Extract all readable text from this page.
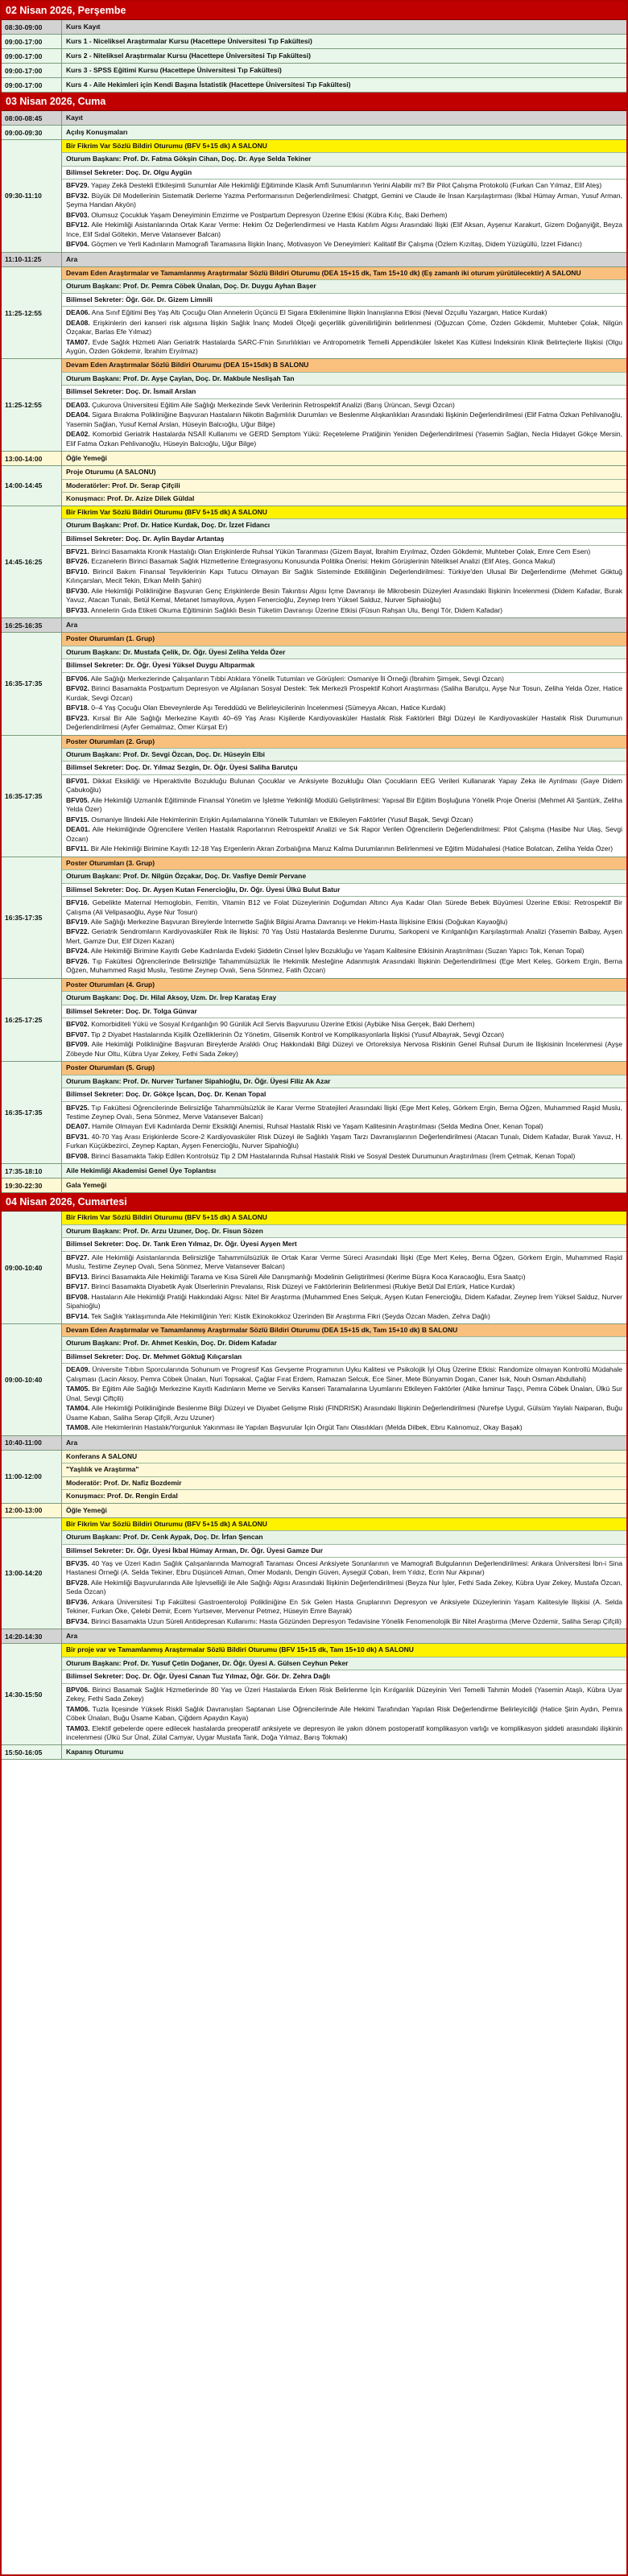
02 Nisan 2026, Perşembe
08:30-09:00	Kurs Kayıt
09:00-17:00	Kurs 1 - Niceliksel Araştırmalar Kursu (Hacettepe Üniversitesi Tıp Fakültesi)
09:00-17:00	Kurs 2 - Niteliksel Araştırmalar Kursu (Hacettepe Üniversitesi Tıp Fakültesi)
09:00-17:00	Kurs 3 - SPSS Eğitimi Kursu (Hacettepe Üniversitesi Tıp Fakültesi)
09:00-17:00	Kurs 4 - Aile Hekimleri için Kendi Başına İstatistik (Hacettepe Üniversitesi Tıp Fakültesi)
03 Nisan 2026, Cuma
08:00-08:45	Kayıt
09:00-09:30	Açılış Konuşmaları
09:30-11:10
Bir Fikrim Var Sözlü Bildiri Oturumu (BFV 5+15 dk) A SALONU
Oturum Başkanı: Prof. Dr. Fatma Gökşin Cihan, Doç. Dr. Ayşe Selda Tekiner
Bilimsel Sekreter: Doç. Dr. Olgu Aygün
BFV29. Yapay Zekâ Destekli Etkileşimli Sunumlar Aile Hekimliği Eğitiminde Klasik Amfi Sunumlarının Yerini Alabilir mi? Bir Pilot Çalışma Protokolü (Furkan Can Yılmaz, Elif Ateş)
BFV32. Büyük Dil Modellerinin Sistematik Derleme Yazma Performansının Değerlendirilmesi: Chatgpt, Gemini ve Claude ile İnsan Karşılaştırması (İkbal Hümay Arman, Yusuf Arman, Şeyma Handan Akyön)
BFV03. Olumsuz Çocukluk Yaşam Deneyiminin Emzirme ve Postpartum Depresyon Üzerine Etkisi (Kübra Kılıç, Baki Derhem)
BFV12. Aile Hekimliği Asistanlarında Ortak Karar Verme: Hekim Öz Değerlendirmesi ve Hasta Katılım Algısı Arasındaki İlişki (Elif Aksan, Ayşenur Karakurt, Gizem Doğanyiğit, Beyza Ince, Elif Sıdal Göltekin, Merve Vatansever Balcan)
BFV04. Göçmen ve Yerli Kadınların Mamografi Taramasına İlişkin İnanç, Motivasyon Ve Deneyimleri: Kalitatif Bir Çalışma (Özlem Kızıltaş, Didem Yüzügüllü, İzzet Fidancı)
11:10-11:25	Ara
11:25-12:55
Devam Eden Araştırmalar ve Tamamlanmış Araştırmalar Sözlü Bildiri Oturumu (DEA 15+15 dk, Tam 15+10 dk) (Eş zamanlı iki oturum yürütülecektir) A SALONU
Oturum Başkanı: Prof. Dr. Pemra Cöbek Ünalan, Doç. Dr. Duygu Ayhan Başer
Bilimsel Sekreter: Öğr. Gör. Dr. Gizem Limnili
DEA06. Ana Sınıf Eğitimi Beş Yaş Altı Çocuğu Olan Annelerin Üçüncü El Sigara Etkilenimine İlişkin İnanışlarına Etkisi (Neval Özçullu Yazargan, Hatice Kurdak)
DEA08. Erişkinlerin deri kanseri risk algısına İlişkin Sağlık İnanç Modeli Ölçeği geçerlilik güvenilirliğinin belirlenmesi (Oğuzcan Çöme, Özden Gökdemir, Muhteber Çolak, Nilgün Özçakar, Barlas Efe Yılmaz)
TAM07. Evde Sağlık Hizmeti Alan Geriatrik Hastalarda SARC-F'nin Sınırlılıkları ve Antropometrik Temelli Appendiküler İskelet Kas Kütlesi İndeksinin Klinik Belirteçlerle İlişkisi (Olgu Aygün, Özden Gökdemir, İbrahim Eryılmaz)
11:25-12:55
Devam Eden Araştırmalar Sözlü Bildiri Oturumu (DEA 15+15dk) B SALONU
Oturum Başkanı: Prof. Dr. Ayşe Çaylan, Doç. Dr. Makbule Neslişah Tan
Bilimsel Sekreter: Doç. Dr. İsmail Arslan
DEA03. Çukurova Üniversitesi Eğitim Aile Sağlığı Merkezinde Sevk Verilerinin Retrospektif Analizi (Barış Ürüncan, Sevgi Özcan)
DEA04. Sigara Bırakma Polikliniğine Başvuran Hastaların Nikotin Bağımlılık Durumları ve Beslenme Alışkanlıkları Arasındaki İlişkinin Değerlendirilmesi (Elif Fatma Özkan Pehlivanoğlu, Yasemin Sağlan, Yusuf Kemal Arslan, Hüseyin Balcıoğlu, Uğur Bilge)
DEA02. Komorbid Geriatrik Hastalarda NSAİİ Kullanımı ve GERD Semptom Yükü: Reçeteleme Pratiğinin Yeniden Değerlendirilmesi (Yasemin Sağlan, Necla Hidayet Gökçe Mersin, Elif Fatma Özkan Pehlivanoğlu, Hüseyin Balcıoğlu, Uğur Bilge)
13:00-14:00	Öğle Yemeği
14:00-14:45
Proje Oturumu (A SALONU)
Moderatörler: Prof. Dr. Serap Çifçili
Konuşmacı: Prof. Dr. Azize Dilek Güldal
14:45-16:25
Bir Fikrim Var Sözlü Bildiri Oturumu (BFV 5+15 dk) A SALONU
Oturum Başkanı: Prof. Dr. Hatice Kurdak, Doç. Dr. İzzet Fidancı
Bilimsel Sekreter: Doç. Dr. Aylin Baydar Artantaş
BFV21. Birinci Basamakta Kronik Hastalığı Olan Erişkinlerde Ruhsal Yükün Taranması (Gizem Bayat, İbrahim Eryılmaz, Özden Gökdemir, Muhteber Çolak, Emre Cem Esen)
BFV26. Eczanelerin Birinci Basamak Sağlık Hizmetlerine Entegrasyonu Konusunda Politika Önerisi: Hekim Görüşlerinin Niteliksel Analizi (Elif Ateş, Gonca Makul)
BFV10. Birincil Bakım Finansal Teşviklerinin Kapı Tutucu Olmayan Bir Sağlık Sisteminde Etkililiğinin Değerlendirilmesi: Türkiye'den Ulusal Bir Değerlendirme (Mehmet Göktuğ Kılınçarslan, Mecit Tekin, Erkan Melih Şahin)
BFV30. Aile Hekimliği Polikliniğine Başvuran Genç Erişkinlerde Besin Takıntısı Algısı İçme Davranışı ile Mikrobesin Düzeyleri Arasındaki İlişkinin İncelenmesi (Didem Kafadar, Burak Yavuz, Atacan Tunalı, Betül Kemal, Metanet Ismayilova, Ayşen Fenercioğlu, Zeynep Irem Yüksel Salduz, Nurver Siphaioğlu)
BFV33. Annelerin Gıda Etiketi Okuma Eğitiminin Sağlıklı Besin Tüketim Davranışı Üzerine Etkisi (Füsun Rahşan Ulu, Bengi Tör, Didem Kafadar)
16:25-16:35	Ara
16:35-17:35
Poster Oturumları (1. Grup)
Oturum Başkanı: Dr. Mustafa Çelik, Dr. Öğr. Üyesi Zeliha Yelda Özer
Bilimsel Sekreter: Dr. Öğr. Üyesi Yüksel Duygu Altıparmak
BFV06. Aile Sağlığı Merkezlerinde Çalışanların Tıbbi Atıklara Yönelik Tutumları ve Görüşleri: Osmaniye İli Örneği (İbrahim Şimşek, Sevgi Özcan)
BFV02. Birinci Basamakta Postpartum Depresyon ve Algılanan Sosyal Destek: Tek Merkezli Prospektif Kohort Araştırması (Saliha Barutçu, Ayşe Nur Tosun, Zeliha Yelda Özer, Hatice Kurdak, Sevgi Özcan)
BFV18. 0–4 Yaş Çocuğu Olan Ebeveynlerde Aşı Tereddüdü ve Belirleyicilerinin İncelenmesi (Sümeyya Akcan, Hatice Kurdak)
BFV23. Kırsal Bir Aile Sağlığı Merkezine Kayıtlı 40–69 Yaş Arası Kişilerde Kardiyovasküler Hastalık Risk Faktörleri Bilgi Düzeyi ile Kardiyovasküler Hastalık Risk Durumunun Değerlendirilmesi (Ayfer Gemalmaz, Ömer Kürşat Er)
16:35-17:35
Poster Oturumları (2. Grup)
Oturum Başkanı: Prof. Dr. Sevgi Özcan, Doç. Dr. Hüseyin Elbi
Bilimsel Sekreter: Doç. Dr. Yılmaz Sezgin, Dr. Öğr. Üyesi Saliha Barutçu
BFV01. Dikkat Eksikliği ve Hiperaktivite Bozukluğu Bulunan Çocuklar ve Anksiyete Bozukluğu Olan Çocukların EEG Verileri Kullanarak Yapay Zeka ile Ayrılması (Gaye Didem Çabukoğlu)
BFV05. Aile Hekimliği Uzmanlık Eğitiminde Finansal Yönetim ve İşletme Yetkinliği Modülü Geliştirilmesi: Yapısal Bir Eğitim Boşluğuna Yönelik Proje Önerisi (Mehmet Ali Şantürk, Zeliha Yelda Özer)
BFV15. Osmaniye İlindeki Aile Hekimlerinin Erişkin Aşılamalarına Yönelik Tutumları ve Etkileyen Faktörler (Yusuf Başak, Sevgi Özcan)
DEA01. Aile Hekimliğinde Öğrencilere Verilen Hastalık Raporlarının Retrospektif Analizi ve Sık Rapor Verilen Öğrencilerin Değerlendirilmesi: Pilot Çalışma (Hasibe Nur Ulaş, Sevgi Özcan)
BFV11. Bir Aile Hekimliği Birimine Kayıtlı 12-18 Yaş Ergenlerin Akran Zorbalığına Maruz Kalma Durumlarının Belirlenmesi ve Eğitim Müdahalesi (Hatice Bolatcan, Zeliha Yelda Özer)
16:35-17:35
Poster Oturumları (3. Grup)
Oturum Başkanı: Prof. Dr. Nilgün Özçakar, Doç. Dr. Vasfiye Demir Pervane
Bilimsel Sekreter: Doç. Dr. Ayşen Kutan Fenercioğlu, Dr. Öğr. Üyesi Ülkü Bulut Batur
BFV16. Gebelikte Maternal Hemoglobin, Ferritin, Vitamin B12 ve Folat Düzeylerinin Doğumdan Altıncı Aya Kadar Olan Sürede Bebek Büyümesi Üzerine Etkisi: Retrospektif Bir Çalışma (Ali Velipasaoğlu, Ayşe Nur Tosun)
BFV19. Aile Sağlığı Merkezine Başvuran Bireylerde İnternette Sağlık Bilgisi Arama Davranışı ve Hekim-Hasta İlişkisine Etkisi (Doğukan Kayaoğlu)
BFV22. Geriatrik Sendromların Kardiyovasküler Risk ile İlişkisi: 70 Yaş Üstü Hastalarda Beslenme Durumu, Sarkopeni ve Kırılganlığın Karşılaştırmalı Analizi (Yasemin Balbay, Ayşen Mert, Gamze Dur, Elif Dizen Kazan)
BFV24. Aile Hekimliği Birimine Kayıtlı Gebe Kadınlarda Evdeki Şiddetin Cinsel İşlev Bozukluğu ve Yaşam Kalitesine Etkisinin Araştırılması (Suzan Yapıcı Tok, Kenan Topal)
BFV26. Tıp Fakültesi Öğrencilerinde Belirsizliğe Tahammülsüzlük İle Hekimlik Mesleğine Adanmışlık Arasındaki İlişkinin Değerlendirilmesi (Ege Mert Keleş, Görkem Ergin, Berna Öğzen, Muhammed Raşid Muslu, Testime Zeynep Ovalı, Sena Sönmez, Fatih Özcan)
16:25-17:25
Poster Oturumları (4. Grup)
Oturum Başkanı: Doç. Dr. Hilal Aksoy, Uzm. Dr. İrep Karataş Eray
Bilimsel Sekreter: Doç. Dr. Tolga Günvar
BFV02. Komorbiditeli Yükü ve Sosyal Kırılganlığın 90 Günlük Acil Servis Başvurusu Üzerine Etkisi (Aybüke Nisa Gerçek, Baki Derhem)
BFV07. Tip 2 Diyabet Hastalarında Kişilik Özelliklerinin Öz Yönetim, Glisemik Kontrol ve Komplikasyonlarla İlişkisi (Yusuf Albayrak, Sevgi Özcan)
BFV09. Aile Hekimliği Polikliniğine Başvuran Bireylerde Aralıklı Oruç Hakkındaki Bilgi Düzeyi ve Ortoreksiya Nervosa Riskinin Genel Ruhsal Durum ile İlişkisinin İncelenmesi (Ayşe Zöbeyde Nur Oltu, Kübra Uyar Zekey, Fethi Sada Zekey)
16:35-17:35
Poster Oturumları (5. Grup)
Oturum Başkanı: Prof. Dr. Nurver Turfaner Sipahioğlu, Dr. Öğr. Üyesi Filiz Ak Azar
Bilimsel Sekreter: Doç. Dr. Gökçe İşcan, Doç. Dr. Kenan Topal
BFV25. Tıp Fakültesi Öğrencilerinde Belirsizliğe Tahammülsüzlük ile Karar Verme Stratejileri Arasındaki İlişki (Ege Mert Keleş, Görkem Ergin, Berna Öğzen, Muhammed Raşid Muslu, Testime Zeynep Ovalı, Sena Sönmez, Merve Vatansever Balcan)
DEA07. Hamile Olmayan Evli Kadınlarda Demir Eksikliği Anemisi, Ruhsal Hastalık Riski ve Yaşam Kalitesinin Araştırılması (Selda Medina Öner, Kenan Topal)
BFV31. 40-70 Yaş Arası Erişkinlerde Score-2 Kardiyovasküler Risk Düzeyi ile Sağlıklı Yaşam Tarzı Davranışlarının Değerlendirilmesi (Atacan Tunalı, Didem Kafadar, Burak Yavuz, H. Furkan Küçükbezirci, Zeynep Kaptan, Ayşen Fenercioğlu, Nurver Sipahioğlu)
BFV08. Birinci Basamakta Takip Edilen Kontrolsüz Tip 2 DM Hastalarında Ruhsal Hastalık Riski ve Sosyal Destek Durumunun Araştırılması (İrem Çetmak, Kenan Topal)
17:35-18:10	Aile Hekimliği Akademisi Genel Üye Toplantısı
19:30-22:30	Gala Yemeği
04 Nisan 2026, Cumartesi
09:00-10:40
Bir Fikrim Var Sözlü Bildiri Oturumu (BFV 5+15 dk) A SALONU
Oturum Başkanı: Prof. Dr. Arzu Uzuner, Doç. Dr. Fisun Sözen
Bilimsel Sekreter: Doç. Dr. Tarık Eren Yılmaz, Dr. Öğr. Üyesi Ayşen Mert
BFV27. Aile Hekimliği Asistanlarında Belirsizliğe Tahammülsüzlük ile Ortak Karar Verme Süreci Arasındaki İlişki (Ege Mert Keleş, Berna Öğzen, Görkem Ergin, Muhammed Raşid Muslu, Testime Zeynep Ovalı, Sena Sönmez, Merve Vatansever Balcan)
BFV13. Birinci Basamakta Aile Hekimliği Tarama ve Kısa Süreli Aile Danışmanlığı Modelinin Geliştirilmesi (Kerime Büşra Koca Karacaoğlu, Esra Saatçı)
BFV17. Birinci Basamakta Diyabetik Ayak Ülserlerinin Prevalansı, Risk Düzeyi ve Faktörlerinin Belirlenmesi (Rukiye Betül Dal Ertürk, Hatice Kurdak)
BFV08. Hastaların Aile Hekimliği Pratiği Hakkındaki Algısı: Nitel Bir Araştırma (Muhammed Enes Selçuk, Ayşen Kutan Fenercioğlu, Didem Kafadar, Zeynep İrem Yüksel Salduz, Nurver Sipahioğlu)
BFV14. Tek Sağlık Yaklaşımında Aile Hekimliğinin Yeri: Kistik Ekinokokkoz Üzerinden Bir Araştırma Fikri (Şeyda Özcan Maden, Zehra Dağlı)
09:00-10:40
Devam Eden Araştırmalar ve Tamamlanmış Araştırmalar Sözlü Bildiri Oturumu (DEA 15+15 dk, Tam 15+10 dk) B SALONU
Oturum Başkanı: Prof. Dr. Ahmet Keskin, Doç. Dr. Didem Kafadar
Bilimsel Sekreter: Doç. Dr. Mehmet Göktuğ Kılıçarslan
DEA09. Üniversite Tıbbın Sporcularında Sohunum ve Progresif Kas Gevşeme Programının Uyku Kalitesi ve Psikolojik İyi Oluş Üzerine Etkisi: Randomize olmayan Kontrollü Müdahale Çalışması (Lacin Aksoy, Pemra Cöbek Ünalan, Nuri Topsakal, Çağlar Fırat Erdem, Ramazan Selcuk, Ece Siner, Mete Bünyamin Dogan, Caner Isık, Nouh Osman Abdullahi)
TAM05. Bir Eğitim Aile Sağlığı Merkezine Kayıtlı Kadınların Meme ve Serviks Kanseri Taramalarına Uyumlarını Etkileyen Faktörler (Atike İsminur Taşçı, Pemra Cöbek Ünalan, Ülkü Sur Ünal, Sevgi Çiftçili)
TAM04. Aile Hekimliği Polikliniğinde Beslenme Bilgi Düzeyi ve Diyabet Gelişme Riski (FINDRISK) Arasındaki İlişkinin Değerlendirilmesi (Nurefşe Uygul, Gülsüm Yaylalı Naiparan, Buğu Üsame Kaban, Saliha Serap Çifçili, Arzu Uzuner)
TAM08. Aile Hekimlerinin Hastalık/Yorgunluk Yakınması ile Yapılan Başvurular İçin Örgüt Tanı Olasılıkları (Melda Dilbek, Ebru Kalınomuz, Okay Başak)
10:40-11:00	Ara
11:00-12:00
Konferans A SALONU
"Yaşlılık ve Araştırma"
Moderatör: Prof. Dr. Nafiz Bozdemir
Konuşmacı: Prof. Dr. Rengin Erdal
12:00-13:00	Öğle Yemeği
13:00-14:20
Bir Fikrim Var Sözlü Bildiri Oturumu (BFV 5+15 dk) A SALONU
Oturum Başkanı: Prof. Dr. Cenk Aypak, Doç. Dr. İrfan Şencan
Bilimsel Sekreter: Dr. Öğr. Üyesi İkbal Hümay Arman, Dr. Öğr. Üyesi Gamze Dur
BFV35. 40 Yaş ve Üzeri Kadın Sağlık Çalışanlarında Mamografi Taraması Öncesi Anksiyete Sorunlarının ve Mamografi Bulgularının Değerlendirilmesi: Ankara Üniversitesi İbn-i Sina Hastanesi Örneği (A. Selda Tekiner, Ebru Düşünceli Atman, Ömer Modanlı, Dengin Güven, Aysegül Çoban, İrem Yıldız, Ecrin Nur Akpınar)
BFV28. Aile Hekimliği Başvurularında Aile İşlevselliği ile Aile Sağlığı Algısı Arasındaki İlişkinin Değerlendirilmesi (Beyza Nur İşler, Fethi Sada Zekey, Kübra Uyar Zekey, Mustafa Özcan, Seda Özcan)
BFV36. Ankara Üniversitesi Tıp Fakültesi Gastroenteroloji Polikliniğine En Sık Gelen Hasta Gruplarının Depresyon ve Anksiyete Düzeylerinin Yaşam Kalitesiyle İlişkisi (A. Selda Tekiner, Furkan Öke, Çelebi Demir, Ecem Yurtsever, Mervenur Petmez, Hüseyin Emre Bayrak)
BFV34. Birinci Basamakta Uzun Süreli Antidepresan Kullanımı: Hasta Gözünden Depresyon Tedavisine Yönelik Fenomenolojik Bir Nitel Araştırma (Merve Özdemir, Saliha Serap Çifçili)
14:20-14:30	Ara
14:30-15:50
Bir proje var ve Tamamlanmış Araştırmalar Sözlü Bildiri Oturumu (BFV 15+15 dk, Tam 15+10 dk) A SALONU
Oturum Başkanı: Prof. Dr. Yusuf Çetin Doğaner, Dr. Öğr. Üyesi A. Gülsen Ceyhun Peker
Bilimsel Sekreter: Doç. Dr. Öğr. Üyesi Canan Tuz Yılmaz, Öğr. Gör. Dr. Zehra Dağlı
BPV06. Birinci Basamak Sağlık Hizmetlerinde 80 Yaş ve Üzeri Hastalarda Erken Risk Belirlenme İçin Kırılganlık Düzeyinin Veri Temelli Tahmin Modeli (Yasemin Ataşlı, Kübra Uyar Zekey, Fethi Sada Zekey)
TAM06. Tuzla İlçesinde Yüksek Riskli Sağlık Davranışları Saptanan Lise Öğrencilerinde Aile Hekimi Tarafından Yapılan Risk Değerlendirme Belirleyiciliği (Hatice Şirin Aydın, Pemra Cöbek Ünalan, Buğu Üsame Kaban, Çiğdem Apaydın Kaya)
TAM03. Elektif gebelerde opere edilecek hastalarda preoperatif anksiyete ve depresyon ile yakın dönem postoperatif komplikasyon varlığı ve komplikasyon şiddeti arasındaki ilişkinin incelenmesi (Ülkü Sur Ünal, Zülal Camyar, Uygar Mustafa Tank, Doğa Yılmaz, Barış Tokmak)
15:50-16:05	Kapanış Oturumu
